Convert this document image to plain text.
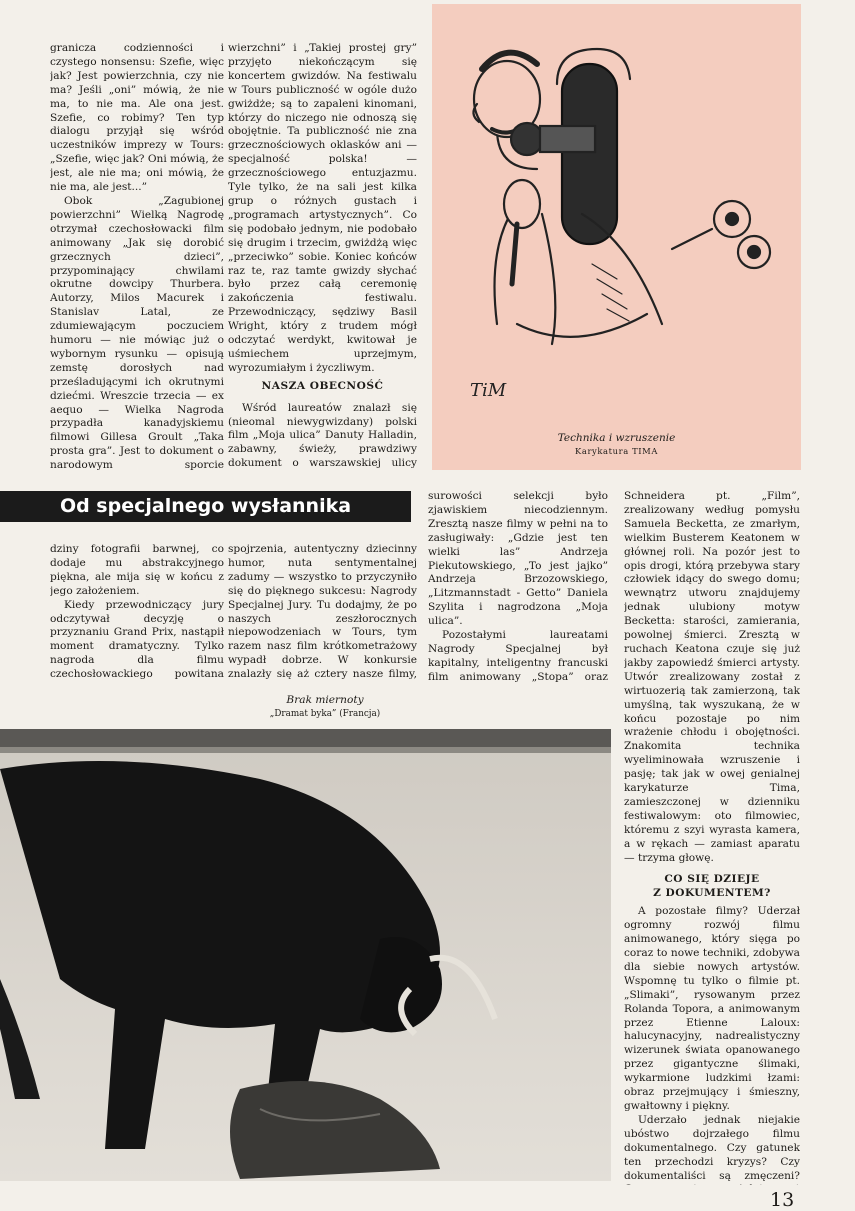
granicza codzienności i czystego nonsensu: Szefie, więc jak? Jest powierzchnia, czy nie ma? Jeśli „oni” mówią, że nie ma, to nie ma. Ale ona jest. Szefie, co robimy? Ten typ dialogu przyjął się wśród uczestników imprezy w Tours: „Szefie, więc jak? Oni mówią, że jest, ale nie ma; oni mówią, że nie ma, ale jest...”

Obok „Zagubionej powierzchni” Wielką Nagrodę otrzymał czechosłowacki film animowany „Jak się dorobić grzecznych dzieci”, przypominający chwilami okrutne dowcipy Thurbera. Autorzy, Milos Macurek i Stanislav Latal, ze zdumiewającym poczuciem humoru — nie mówiąc już o wybornym rysunku — opisują zemstę dorosłych nad prześladującymi ich okrutnymi dziećmi. Wreszcie trzecia — ex aequo — Wielka Nagroda przypadła kanadyjskiemu filmowi Gillesa Groult „Taka prosta gra”. Jest to dokument o narodowym sporcie

wierzchni” i „Takiej prostej gry” przyjęto niekończącym się koncertem gwizdów. Na festiwalu w Tours publiczność w ogóle dużo gwiżdże; są to zapaleni kinomani, którzy do niczego nie odnoszą się obojętnie. Ta publiczność nie zna grzecznościowych oklasków ani — specjalność polska! — grzecznościowego entuzjazmu. Tyle tylko, że na sali jest kilka grup o różnych gustach i „programach artystycznych”. Co się podobało jednym, nie podobało się drugim i trzecim, gwiżdżą więc „przeciwko” sobie. Koniec końców raz te, raz tamte gwizdy słychać było przez całą ceremonię zakończenia festiwalu. Przewodniczący, sędziwy Basil Wright, który z trudem mógł odczytać werdykt, kwitował je uśmiechem uprzejmym, wyrozumiałym i życzliwym.

NASZA OBECNOŚĆ

Wśród laureatów znalazł się (nieomal niewygwizdany) polski film „Moja ulica” Danuty Halladin, zabawny, świeży, prawdziwy dokument o warszawskiej ulicy

TiM
Technika i wzruszenie
Karykatura TIMA
Od specjalnego wysłannika

dziny fotografii barwnej, co dodaje mu abstrakcyjnego piękna, ale mija się w końcu z jego założeniem.

Kiedy przewodniczący jury odczytywał decyzję o przyznaniu Grand Prix, nastąpił moment dramatyczny. Tylko nagroda dla filmu czechosłowackiego powitana

spojrzenia, autentyczny dziecinny humor, nuta sentymentalnej zadumy — wszystko to przyczyniło się do pięknego sukcesu: Nagrody Specjalnej Jury. Tu dodajmy, że po naszych zeszłorocznych niepowodzeniach w Tours, tym razem nasz film krótkometrażowy wypadł dobrze. W konkursie znalazły się aż cztery nasze filmy,

surowości selekcji było zjawiskiem niecodziennym. Zresztą nasze filmy w pełni na to zasługiwały: „Gdzie jest ten wielki las” Andrzeja Piekutowskiego, „To jest jajko” Andrzeja Brzozowskiego, „Litzmannstadt - Getto” Daniela Szylita i nagrodzona „Moja ulica”.

Pozostałymi laureatami Nagrody Specjalnej był kapitalny, inteligentny francuski film animowany „Stopa” oraz

Schneidera pt. „Film”, zrealizowany według pomysłu Samuela Becketta, ze zmarłym, wielkim Busterem Keatonem w głównej roli. Na pozór jest to opis drogi, którą przebywa stary człowiek idący do swego domu; wewnątrz utworu znajdujemy jednak ulubiony motyw Becketta: starości, zamierania, powolnej śmierci. Zresztą w ruchach Keatona czuje się już jakby zapowiedź śmierci artysty. Utwór zrealizowany został z wirtuozerią tak zamierzoną, tak umyślną, tak wyszukaną, że w końcu pozostaje po nim wrażenie chłodu i obojętności. Znakomita technika wyeliminowała wzruszenie i pasję; tak jak w owej genialnej karykaturze Tima, zamieszczonej w dzienniku festiwalowym: oto filmowiec, któremu z szyi wyrasta kamera, a w rękach — zamiast aparatu — trzyma głowę.

CO SIĘ DZIEJE

Z DOKUMENTEM?

A pozostałe filmy? Uderzał ogromny rozwój filmu animowanego, który sięga po coraz to nowe techniki, zdobywa dla siebie nowych artystów. Wspomnę tu tylko o filmie pt. „Slimaki”, rysowanym przez Rolanda Topora, a animowanym przez Etienne Laloux: halucynacyjny, nadrealistyczny wizerunek świata opanowanego przez gigantyczne ślimaki, wykarmione ludzkimi łzami: obraz przejmujący i śmieszny, gwałtowny i piękny.

Uderzało jednak niejakie ubóstwo dojrzałego filmu dokumentalnego. Czy gatunek ten przechodzi kryzys? Czy dokumentaliści są zmęczeni?

Brak miernoty
„Dramat byka” (Francja)
13
